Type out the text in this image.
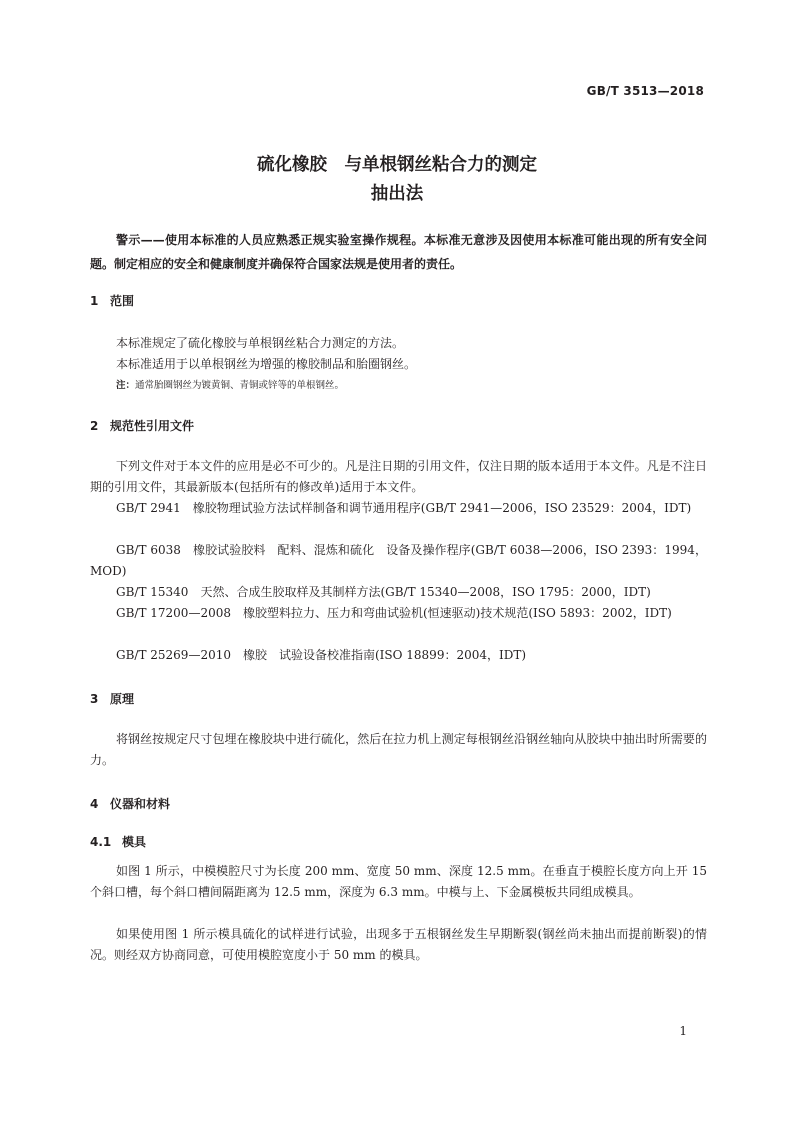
GB/T 3513—2018
硫化橡胶　与单根钢丝粘合力的测定
抽出法
警示——使用本标准的人员应熟悉正规实验室操作规程。本标准无意涉及因使用本标准可能出现的所有安全问题。制定相应的安全和健康制度并确保符合国家法规是使用者的责任。
1 范围
本标准规定了硫化橡胶与单根钢丝粘合力测定的方法。
本标准适用于以单根钢丝为增强的橡胶制品和胎圈钢丝。
注：通常胎圈钢丝为镀黄铜、青铜或锌等的单根钢丝。
2 规范性引用文件
下列文件对于本文件的应用是必不可少的。凡是注日期的引用文件，仅注日期的版本适用于本文件。凡是不注日期的引用文件，其最新版本(包括所有的修改单)适用于本文件。
GB/T 2941　橡胶物理试验方法试样制备和调节通用程序(GB/T 2941—2006，ISO 23529：2004，IDT)
GB/T 6038　橡胶试验胶料　配料、混炼和硫化　设备及操作程序(GB/T 6038—2006，ISO 2393：1994，MOD)
GB/T 15340　天然、合成生胶取样及其制样方法(GB/T 15340—2008，ISO 1795：2000，IDT)
GB/T 17200—2008　橡胶塑料拉力、压力和弯曲试验机(恒速驱动)技术规范(ISO 5893：2002，IDT)
GB/T 25269—2010　橡胶　试验设备校准指南(ISO 18899：2004，IDT)
3 原理
将钢丝按规定尺寸包埋在橡胶块中进行硫化，然后在拉力机上测定每根钢丝沿钢丝轴向从胶块中抽出时所需要的力。
4 仪器和材料
4.1 模具
如图 1 所示，中模模腔尺寸为长度 200 mm、宽度 50 mm、深度 12.5 mm。在垂直于模腔长度方向上开 15 个斜口槽，每个斜口槽间隔距离为 12.5 mm，深度为 6.3 mm。中模与上、下金属模板共同组成模具。
如果使用图 1 所示模具硫化的试样进行试验，出现多于五根钢丝发生早期断裂(钢丝尚未抽出而提前断裂)的情况。则经双方协商同意，可使用模腔宽度小于 50 mm 的模具。
1
